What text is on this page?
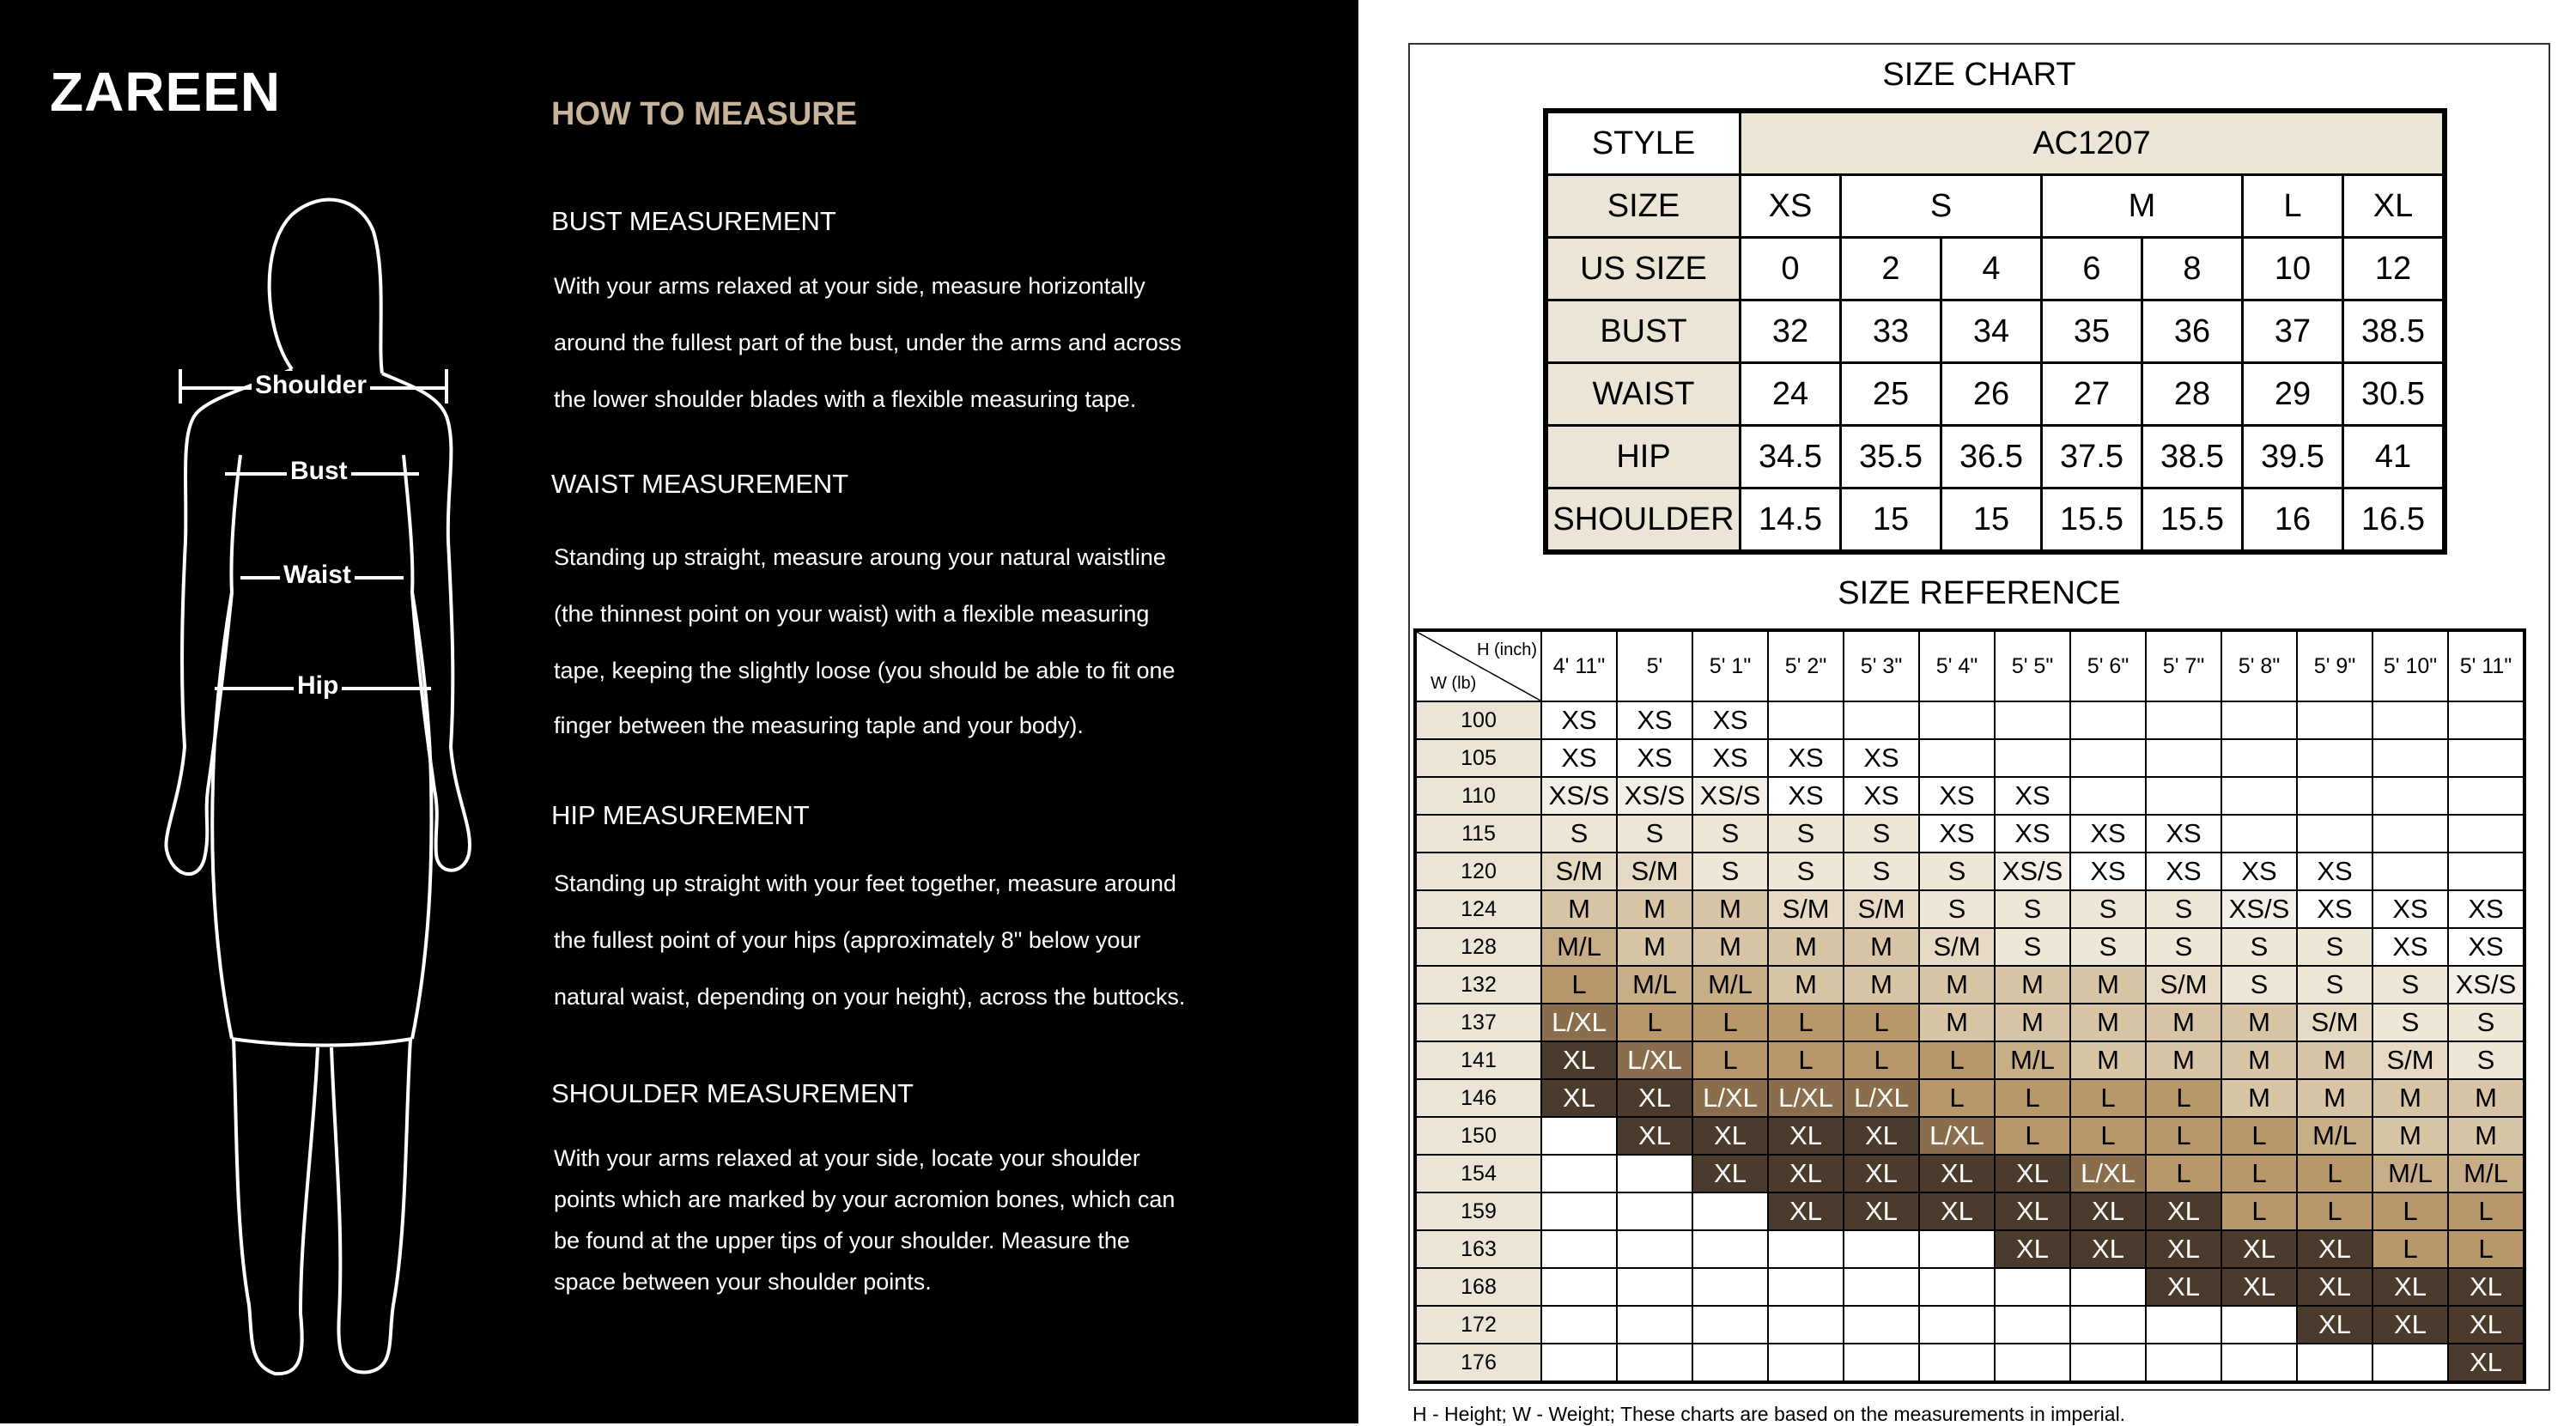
ZAREEN
Shoulder
Bust
Waist
Hip
HOW TO MEASURE
BUST MEASUREMENT
With your arms relaxed at your side, measure horizontally
around the fullest part of the bust, under the arms and across
the lower shoulder blades with a flexible measuring tape.
WAIST MEASUREMENT
Standing up straight, measure aroung your natural waistline
(the thinnest point on your waist) with a flexible measuring
tape, keeping the slightly loose (you should be able to fit one
finger between the measuring taple and your body).
HIP MEASUREMENT
Standing up straight with your feet together, measure around
the fullest point of your hips (approximately 8" below your
natural waist, depending on your height), across the buttocks.
SHOULDER MEASUREMENT
With your arms relaxed at your side, locate your shoulder
points which are marked by your acromion bones, which can
be found at the upper tips of your shoulder. Measure the
space between your shoulder points.
SIZE CHART
STYLE	AC1207						
SIZE	XS	S		M		L	XL
US SIZE	0	2	4	6	8	10	12
BUST	32	33	34	35	36	37	38.5
WAIST	24	25	26	27	28	29	30.5
HIP	34.5	35.5	36.5	37.5	38.5	39.5	41
SHOULDER	14.5	15	15	15.5	15.5	16	16.5
SIZE REFERENCE
H (inch)
W (lb)	4' 11"	5'	5' 1"	5' 2"	5' 3"	5' 4"	5' 5"	5' 6"	5' 7"	5' 8"	5' 9"	5' 10"	5' 11"
100	XS	XS	XS										
105	XS	XS	XS	XS	XS								
110	XS/S	XS/S	XS/S	XS	XS	XS	XS						
115	S	S	S	S	S	XS	XS	XS	XS				
120	S/M	S/M	S	S	S	S	XS/S	XS	XS	XS	XS		
124	M	M	M	S/M	S/M	S	S	S	S	XS/S	XS	XS	XS
128	M/L	M	M	M	M	S/M	S	S	S	S	S	XS	XS
132	L	M/L	M/L	M	M	M	M	M	S/M	S	S	S	XS/S
137	L/XL	L	L	L	L	M	M	M	M	M	S/M	S	S
141	XL	L/XL	L	L	L	L	M/L	M	M	M	M	S/M	S
146	XL	XL	L/XL	L/XL	L/XL	L	L	L	L	M	M	M	M
150		XL	XL	XL	XL	L/XL	L	L	L	L	M/L	M	M
154			XL	XL	XL	XL	XL	L/XL	L	L	L	M/L	M/L
159				XL	XL	XL	XL	XL	XL	L	L	L	L
163							XL	XL	XL	XL	XL	L	L
168									XL	XL	XL	XL	XL
172											XL	XL	XL
176													XL
H - Height; W - Weight; These charts are based on the measurements in imperial.
